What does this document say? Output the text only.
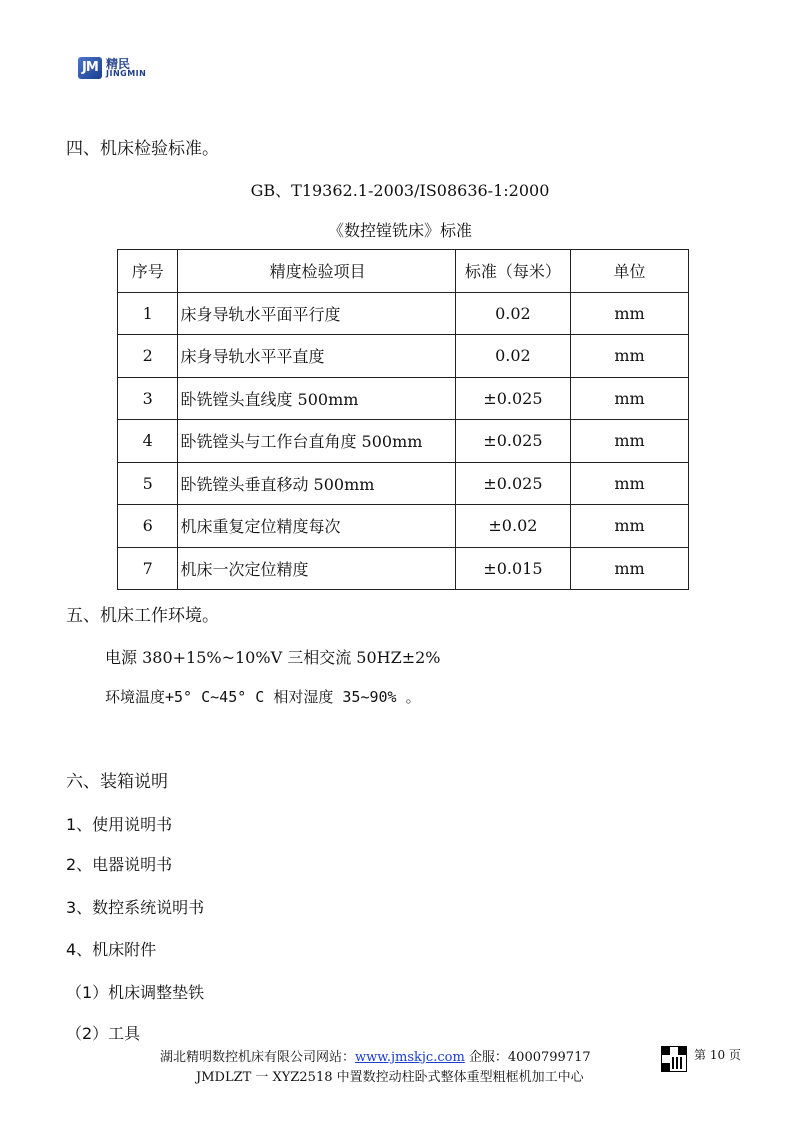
JM 精民
JINGMIN
四、机床检验标准。
GB、T19362.1-2003/IS08636-1:2000
《数控镗铣床》标准
序号	精度检验项目	标准（每米）	单位
1	床身导轨水平面平行度	0.02	mm
2	床身导轨水平平直度	0.02	mm
3	卧铣镗头直线度 500mm	±0.025	mm
4	卧铣镗头与工作台直角度 500mm	±0.025	mm
5	卧铣镗头垂直移动 500mm	±0.025	mm
6	机床重复定位精度每次	±0.02	mm
7	机床一次定位精度	±0.015	mm
五、机床工作环境。
电源 380+15%~10%V 三相交流 50HZ±2%
环境温度+5° C~45° C 相对湿度 35~90% 。
六、装箱说明
1、使用说明书
2、电器说明书
3、数控系统说明书
4、机床附件
（1）机床调整垫铁
（2）工具
湖北精明数控机床有限公司网站：www.jmskjc.com 企服：4000799717
JMDLZT 一 XYZ2518 中置数控动柱卧式整体重型粗框机加工中心
第 10 页
